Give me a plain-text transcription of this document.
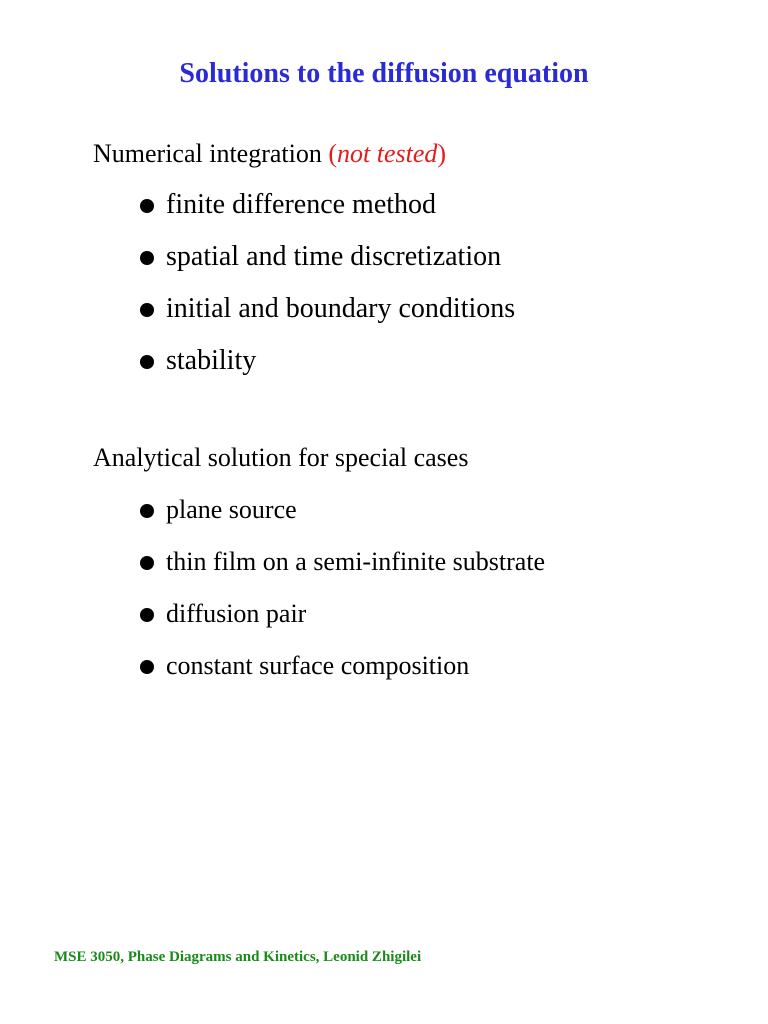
Solutions to the diffusion equation

Numerical integration (not tested)

finite difference method
spatial and time discretization
initial and boundary conditions
stability

Analytical solution for special cases

plane source
thin film on a semi-infinite substrate
diffusion pair
constant surface composition

MSE 3050, Phase Diagrams and Kinetics, Leonid Zhigilei
